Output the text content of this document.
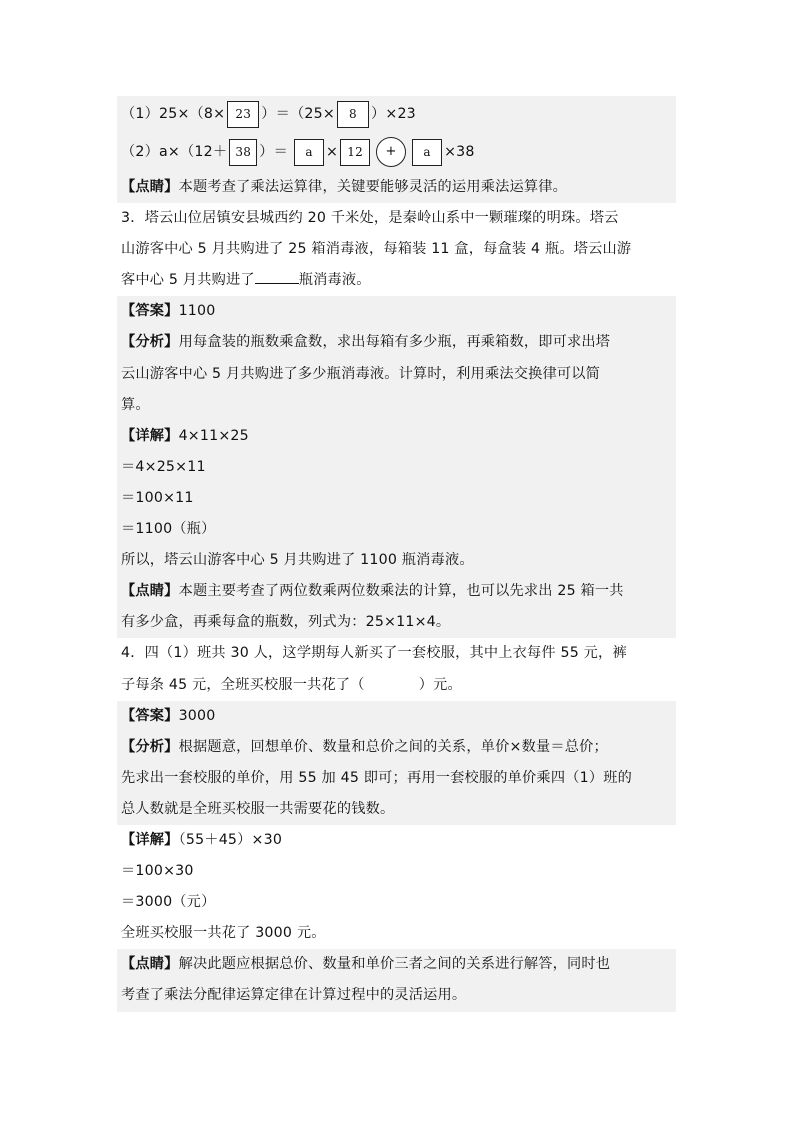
（1）25×（8× 23 ）＝（25× 8 ）×23
（2）a×（12＋ 38 ）＝ a × 12 + a ×38
【点睛】本题考查了乘法运算律，关键要能够灵活的运用乘法运算律。
3．塔云山位居镇安县城西约 20 千米处，是秦岭山系中一颗璀璨的明珠。塔云
山游客中心 5 月共购进了 25 箱消毒液，每箱装 11 盒，每盒装 4 瓶。塔云山游
客中心 5 月共购进了	瓶消毒液。
【答案】1100
【分析】用每盒装的瓶数乘盒数，求出每箱有多少瓶，再乘箱数，即可求出塔
云山游客中心 5 月共购进了多少瓶消毒液。计算时，利用乘法交换律可以简
算。
【详解】4×11×25
＝4×25×11
＝100×11
＝1100（瓶）
所以，塔云山游客中心 5 月共购进了 1100 瓶消毒液。
【点睛】本题主要考查了两位数乘两位数乘法的计算，也可以先求出 25 箱一共
有多少盒，再乘每盒的瓶数，列式为：25×11×4。
4．四（1）班共 30 人，这学期每人新买了一套校服，其中上衣每件 55 元，裤
子每条 45 元，全班买校服一共花了（	）元。
【答案】3000
【分析】根据题意，回想单价、数量和总价之间的关系，单价×数量＝总价；
先求出一套校服的单价，用 55 加 45 即可；再用一套校服的单价乘四（1）班的
总人数就是全班买校服一共需要花的钱数。
【详解】（55＋45）×30
＝100×30
＝3000（元）
全班买校服一共花了 3000 元。
【点睛】解决此题应根据总价、数量和单价三者之间的关系进行解答，同时也
考查了乘法分配律运算定律在计算过程中的灵活运用。
